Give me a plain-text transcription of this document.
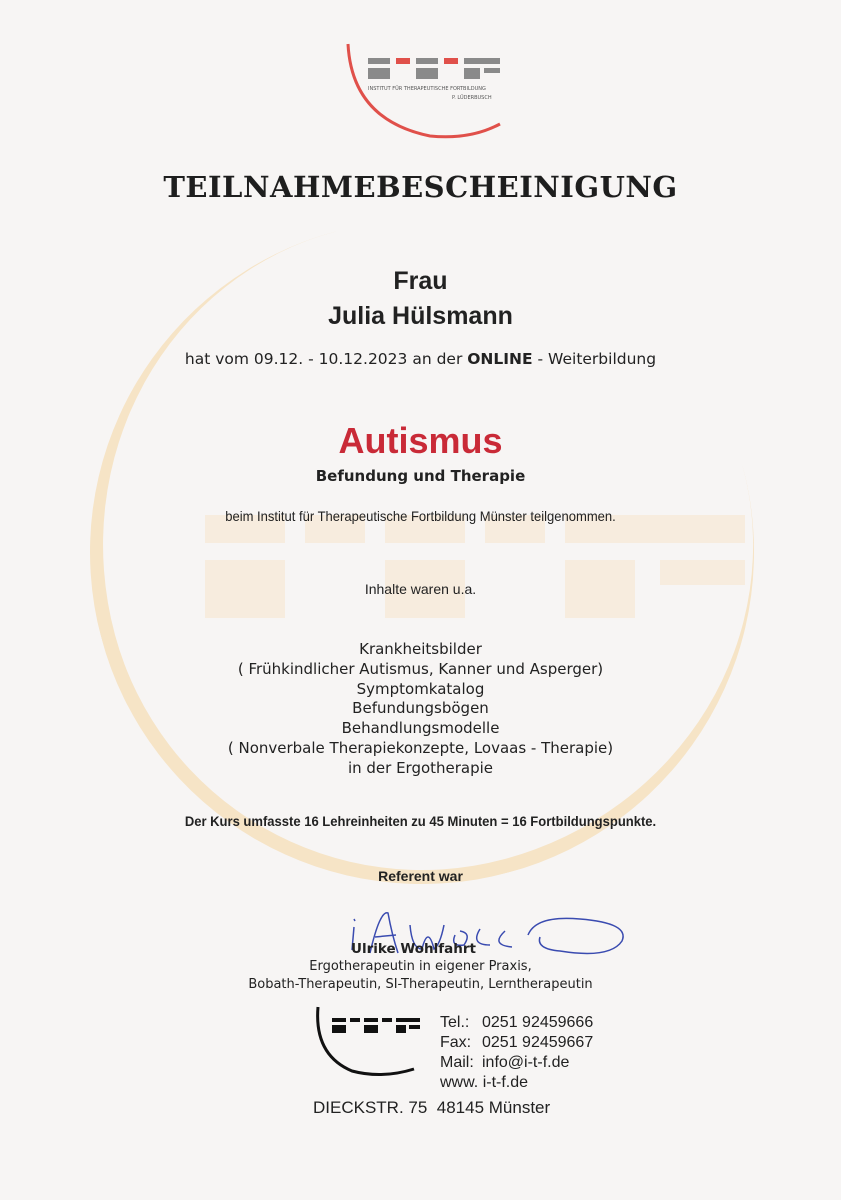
INSTITUT FÜR THERAPEUTISCHE FORTBILDUNG
P. LÜDERBUSCH
TEILNAHMEBESCHEINIGUNG
Frau
Julia Hülsmann
hat vom 09.12. - 10.12.2023 an der ONLINE - Weiterbildung
Autismus
Befundung und Therapie
beim Institut für Therapeutische Fortbildung Münster teilgenommen.
Inhalte waren u.a.
Krankheitsbilder
( Frühkindlicher Autismus, Kanner und Asperger)
Symptomkatalog
Befundungsbögen
Behandlungsmodelle
( Nonverbale Therapiekonzepte, Lovaas - Therapie)
in der Ergotherapie
Der Kurs umfasste 16 Lehreinheiten zu 45 Minuten = 16 Fortbildungspunkte.
Referent war
Ulrike Wohlfahrt
Ergotherapeutin in eigener Praxis,
Bobath-Therapeutin, SI-Therapeutin, Lerntherapeutin
Tel.: 0251 92459666
Fax: 0251 92459667
Mail: info@i-t-f.de
www. i-t-f.de
DIECKSTR. 75  48145 Münster
